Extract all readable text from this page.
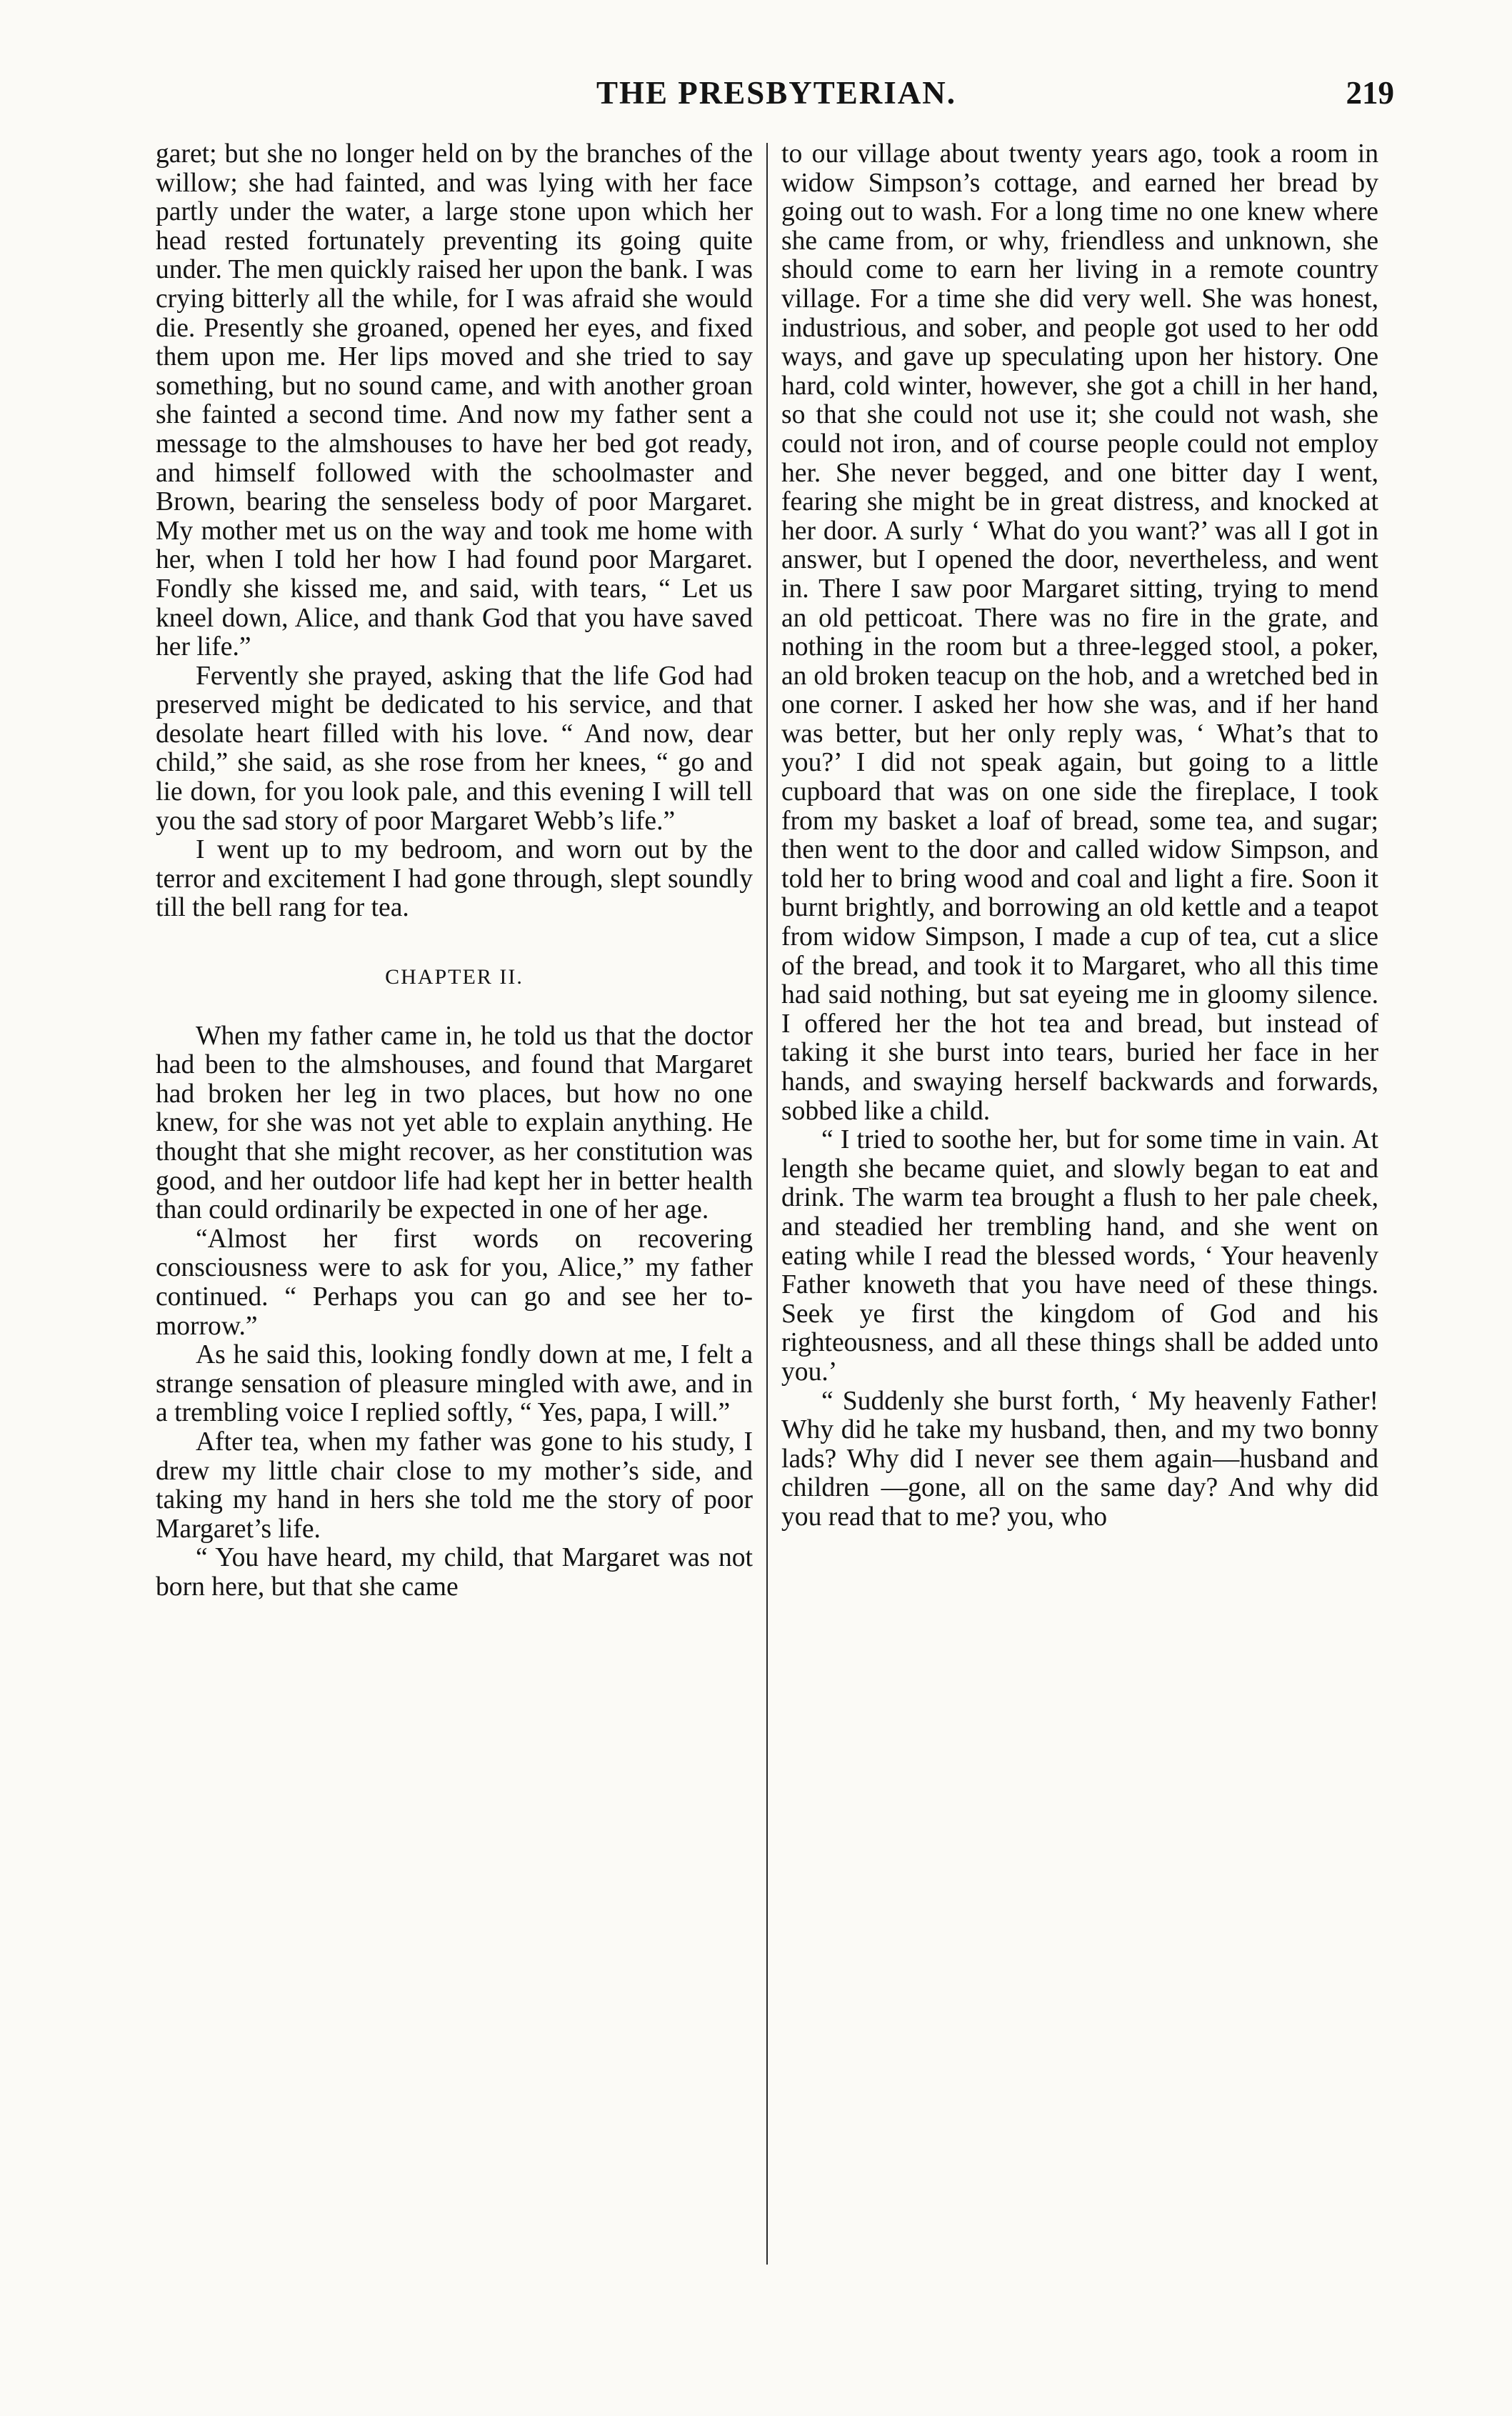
THE PRESBYTERIAN.	219

garet; but she no longer held on by the branches of the willow; she had fainted, and was lying with her face partly under the water, a large stone upon which her head rested fortunately preventing its going quite under. The men quickly raised her upon the bank. I was crying bitterly all the while, for I was afraid she would die. Presently she groaned, opened her eyes, and fixed them upon me. Her lips moved and she tried to say something, but no sound came, and with another groan she fainted a second time. And now my father sent a message to the almshouses to have her bed got ready, and himself followed with the schoolmaster and Brown, bearing the senseless body of poor Margaret. My mother met us on the way and took me home with her, when I told her how I had found poor Margaret. Fondly she kissed me, and said, with tears, “ Let us kneel down, Alice, and thank God that you have saved her life.”

Fervently she prayed, asking that the life God had preserved might be dedicated to his service, and that desolate heart filled with his love. “ And now, dear child,” she said, as she rose from her knees, “ go and lie down, for you look pale, and this evening I will tell you the sad story of poor Margaret Webb’s life.”

I went up to my bedroom, and worn out by the terror and excitement I had gone through, slept soundly till the bell rang for tea.

CHAPTER II.

When my father came in, he told us that the doctor had been to the almshouses, and found that Margaret had broken her leg in two places, but how no one knew, for she was not yet able to explain anything. He thought that she might recover, as her constitution was good, and her outdoor life had kept her in better health than could ordinarily be expected in one of her age.

“Almost her first words on recovering consciousness were to ask for you, Alice,” my father continued. “ Perhaps you can go and see her to-morrow.”

As he said this, looking fondly down at me, I felt a strange sensation of pleasure mingled with awe, and in a trembling voice I replied softly, “ Yes, papa, I will.”

After tea, when my father was gone to his study, I drew my little chair close to my mother’s side, and taking my hand in hers she told me the story of poor Margaret’s life.

“ You have heard, my child, that Margaret was not born here, but that she came

to our village about twenty years ago, took a room in widow Simpson’s cottage, and earned her bread by going out to wash. For a long time no one knew where she came from, or why, friendless and unknown, she should come to earn her living in a remote country village. For a time she did very well. She was honest, industrious, and sober, and people got used to her odd ways, and gave up speculating upon her history. One hard, cold winter, however, she got a chill in her hand, so that she could not use it; she could not wash, she could not iron, and of course people could not employ her. She never begged, and one bitter day I went, fearing she might be in great distress, and knocked at her door. A surly ‘ What do you want?’ was all I got in answer, but I opened the door, nevertheless, and went in. There I saw poor Margaret sitting, trying to mend an old petticoat. There was no fire in the grate, and nothing in the room but a three-legged stool, a poker, an old broken teacup on the hob, and a wretched bed in one corner. I asked her how she was, and if her hand was better, but her only reply was, ‘ What’s that to you?’ I did not speak again, but going to a little cupboard that was on one side the fireplace, I took from my basket a loaf of bread, some tea, and sugar; then went to the door and called widow Simpson, and told her to bring wood and coal and light a fire. Soon it burnt brightly, and borrowing an old kettle and a teapot from widow Simpson, I made a cup of tea, cut a slice of the bread, and took it to Margaret, who all this time had said nothing, but sat eyeing me in gloomy silence. I offered her the hot tea and bread, but instead of taking it she burst into tears, buried her face in her hands, and swaying herself backwards and forwards, sobbed like a child.

“ I tried to soothe her, but for some time in vain. At length she became quiet, and slowly began to eat and drink. The warm tea brought a flush to her pale cheek, and steadied her trembling hand, and she went on eating while I read the blessed words, ‘ Your heavenly Father knoweth that you have need of these things. Seek ye first the kingdom of God and his righteousness, and all these things shall be added unto you.’

“ Suddenly she burst forth, ‘ My heavenly Father! Why did he take my husband, then, and my two bonny lads? Why did I never see them again—husband and children —gone, all on the same day? And why did you read that to me? you, who
